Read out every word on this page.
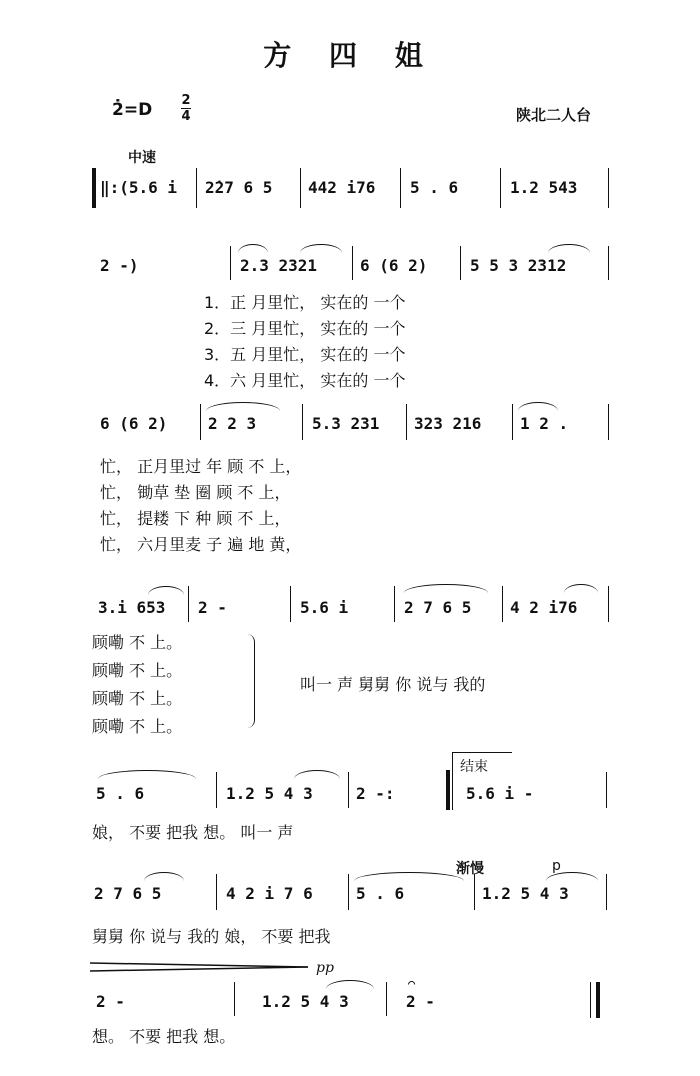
方 四 姐
2̇=D 2
4	陕北二人台
中速
‖:(5.6 i 2̇27 6 5 442 i76 5 . 6	1.2 543
2 -)	2.3 2321	6 (6 2)	5 5 3 2312
1．正 月里忙， 实在的 一个
2．三 月里忙， 实在的 一个
3．五 月里忙， 实在的 一个
4．六 月里忙， 实在的 一个
6 (6 2)	2 2 3	5.3 231 323 216 1 2 .
忙， 正月里过 年 顾 不 上，
忙， 锄草 垫 圈 顾 不 上，
忙， 提耧 下 种 顾 不 上，
忙， 六月里麦 子 遍 地 黄，
3.i 653 2 -	5.6 i	2 7 6 5 4 2 i76
顾嘞 不 上。
顾嘞 不 上。
顾嘞 不 上。
顾嘞 不 上。
叫一 声 舅舅 你 说与 我的
5 . 6	1.2 5 4 3	2 -:
结束
5.6 i -
娘， 不要 把我 想。 叫一 声
渐慢	p
2 7 6 5	4 2 i 7 6	5 . 6	1.2 5 4 3
舅舅 你 说与 我的 娘， 不要 把我
pp
2 -	1.2 5 4 3
⌒
2 -
想。 不要 把我 想。
